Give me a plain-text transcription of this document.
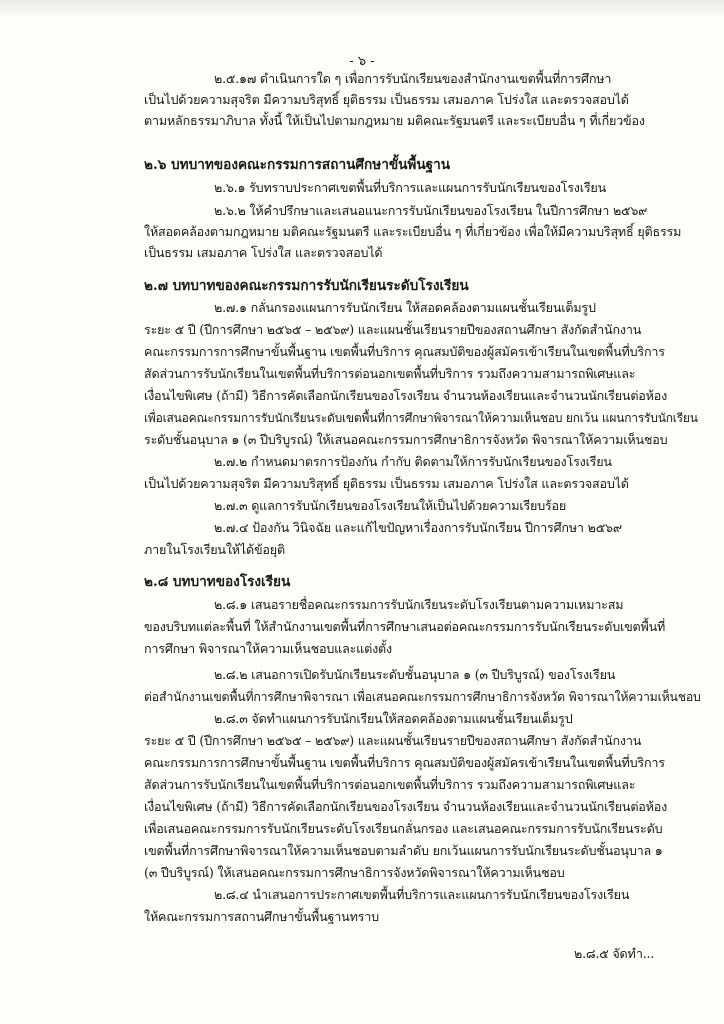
- ๖ -
๒.๕.๑๗ ดำเนินการใด ๆ เพื่อการรับนักเรียนของสำนักงานเขตพื้นที่การศึกษา
เป็นไปด้วยความสุจริต มีความบริสุทธิ์ ยุติธรรม เป็นธรรม เสมอภาค โปร่งใส และตรวจสอบได้
ตามหลักธรรมาภิบาล ทั้งนี้ ให้เป็นไปตามกฎหมาย มติคณะรัฐมนตรี และระเบียบอื่น ๆ ที่เกี่ยวข้อง
๒.๖ บทบาทของคณะกรรมการสถานศึกษาขั้นพื้นฐาน
๒.๖.๑ รับทราบประกาศเขตพื้นที่บริการและแผนการรับนักเรียนของโรงเรียน
๒.๖.๒ ให้คำปรึกษาและเสนอแนะการรับนักเรียนของโรงเรียน ในปีการศึกษา ๒๕๖๙
ให้สอดคล้องตามกฎหมาย มติคณะรัฐมนตรี และระเบียบอื่น ๆ ที่เกี่ยวข้อง เพื่อให้มีความบริสุทธิ์ ยุติธรรม
เป็นธรรม เสมอภาค โปร่งใส และตรวจสอบได้
๒.๗ บทบาทของคณะกรรมการรับนักเรียนระดับโรงเรียน
๒.๗.๑ กลั่นกรองแผนการรับนักเรียน ให้สอดคล้องตามแผนชั้นเรียนเต็มรูป
ระยะ ๕ ปี (ปีการศึกษา ๒๕๖๕ – ๒๕๖๙) และแผนชั้นเรียนรายปีของสถานศึกษา สังกัดสำนักงาน
คณะกรรมการการศึกษาขั้นพื้นฐาน เขตพื้นที่บริการ คุณสมบัติของผู้สมัครเข้าเรียนในเขตพื้นที่บริการ
สัดส่วนการรับนักเรียนในเขตพื้นที่บริการต่อนอกเขตพื้นที่บริการ รวมถึงความสามารถพิเศษและ
เงื่อนไขพิเศษ (ถ้ามี) วิธีการคัดเลือกนักเรียนของโรงเรียน จำนวนห้องเรียนและจำนวนนักเรียนต่อห้อง
เพื่อเสนอคณะกรรมการรับนักเรียนระดับเขตพื้นที่การศึกษาพิจารณาให้ความเห็นชอบ ยกเว้น แผนการรับนักเรียน
ระดับชั้นอนุบาล ๑ (๓ ปีบริบูรณ์) ให้เสนอคณะกรรมการศึกษาธิการจังหวัด พิจารณาให้ความเห็นชอบ
๒.๗.๒ กำหนดมาตรการป้องกัน กำกับ ติดตามให้การรับนักเรียนของโรงเรียน
เป็นไปด้วยความสุจริต มีความบริสุทธิ์ ยุติธรรม เป็นธรรม เสมอภาค โปร่งใส และตรวจสอบได้
๒.๗.๓ ดูแลการรับนักเรียนของโรงเรียนให้เป็นไปด้วยความเรียบร้อย
๒.๗.๔ ป้องกัน วินิจฉัย และแก้ไขปัญหาเรื่องการรับนักเรียน ปีการศึกษา ๒๕๖๙
ภายในโรงเรียนให้ได้ข้อยุติ
๒.๘ บทบาทของโรงเรียน
๒.๘.๑ เสนอรายชื่อคณะกรรมการรับนักเรียนระดับโรงเรียนตามความเหมาะสม
ของบริบทแต่ละพื้นที่ ให้สำนักงานเขตพื้นที่การศึกษาเสนอต่อคณะกรรมการรับนักเรียนระดับเขตพื้นที่
การศึกษา พิจารณาให้ความเห็นชอบและแต่งตั้ง
๒.๘.๒ เสนอการเปิดรับนักเรียนระดับชั้นอนุบาล ๑ (๓ ปีบริบูรณ์) ของโรงเรียน
ต่อสำนักงานเขตพื้นที่การศึกษาพิจารณา เพื่อเสนอคณะกรรมการศึกษาธิการจังหวัด พิจารณาให้ความเห็นชอบ
๒.๘.๓ จัดทำแผนการรับนักเรียนให้สอดคล้องตามแผนชั้นเรียนเต็มรูป
ระยะ ๕ ปี (ปีการศึกษา ๒๕๖๕ – ๒๕๖๙) และแผนชั้นเรียนรายปีของสถานศึกษา สังกัดสำนักงาน
คณะกรรมการการศึกษาขั้นพื้นฐาน เขตพื้นที่บริการ คุณสมบัติของผู้สมัครเข้าเรียนในเขตพื้นที่บริการ
สัดส่วนการรับนักเรียนในเขตพื้นที่บริการต่อนอกเขตพื้นที่บริการ รวมถึงความสามารถพิเศษและ
เงื่อนไขพิเศษ (ถ้ามี) วิธีการคัดเลือกนักเรียนของโรงเรียน จำนวนห้องเรียนและจำนวนนักเรียนต่อห้อง
เพื่อเสนอคณะกรรมการรับนักเรียนระดับโรงเรียนกลั่นกรอง และเสนอคณะกรรมการรับนักเรียนระดับ
เขตพื้นที่การศึกษาพิจารณาให้ความเห็นชอบตามลำดับ ยกเว้นแผนการรับนักเรียนระดับชั้นอนุบาล ๑
(๓ ปีบริบูรณ์) ให้เสนอคณะกรรมการศึกษาธิการจังหวัดพิจารณาให้ความเห็นชอบ
๒.๘.๔ นำเสนอการประกาศเขตพื้นที่บริการและแผนการรับนักเรียนของโรงเรียน
ให้คณะกรรมการสถานศึกษาขั้นพื้นฐานทราบ
๒.๘.๕ จัดทำ...
